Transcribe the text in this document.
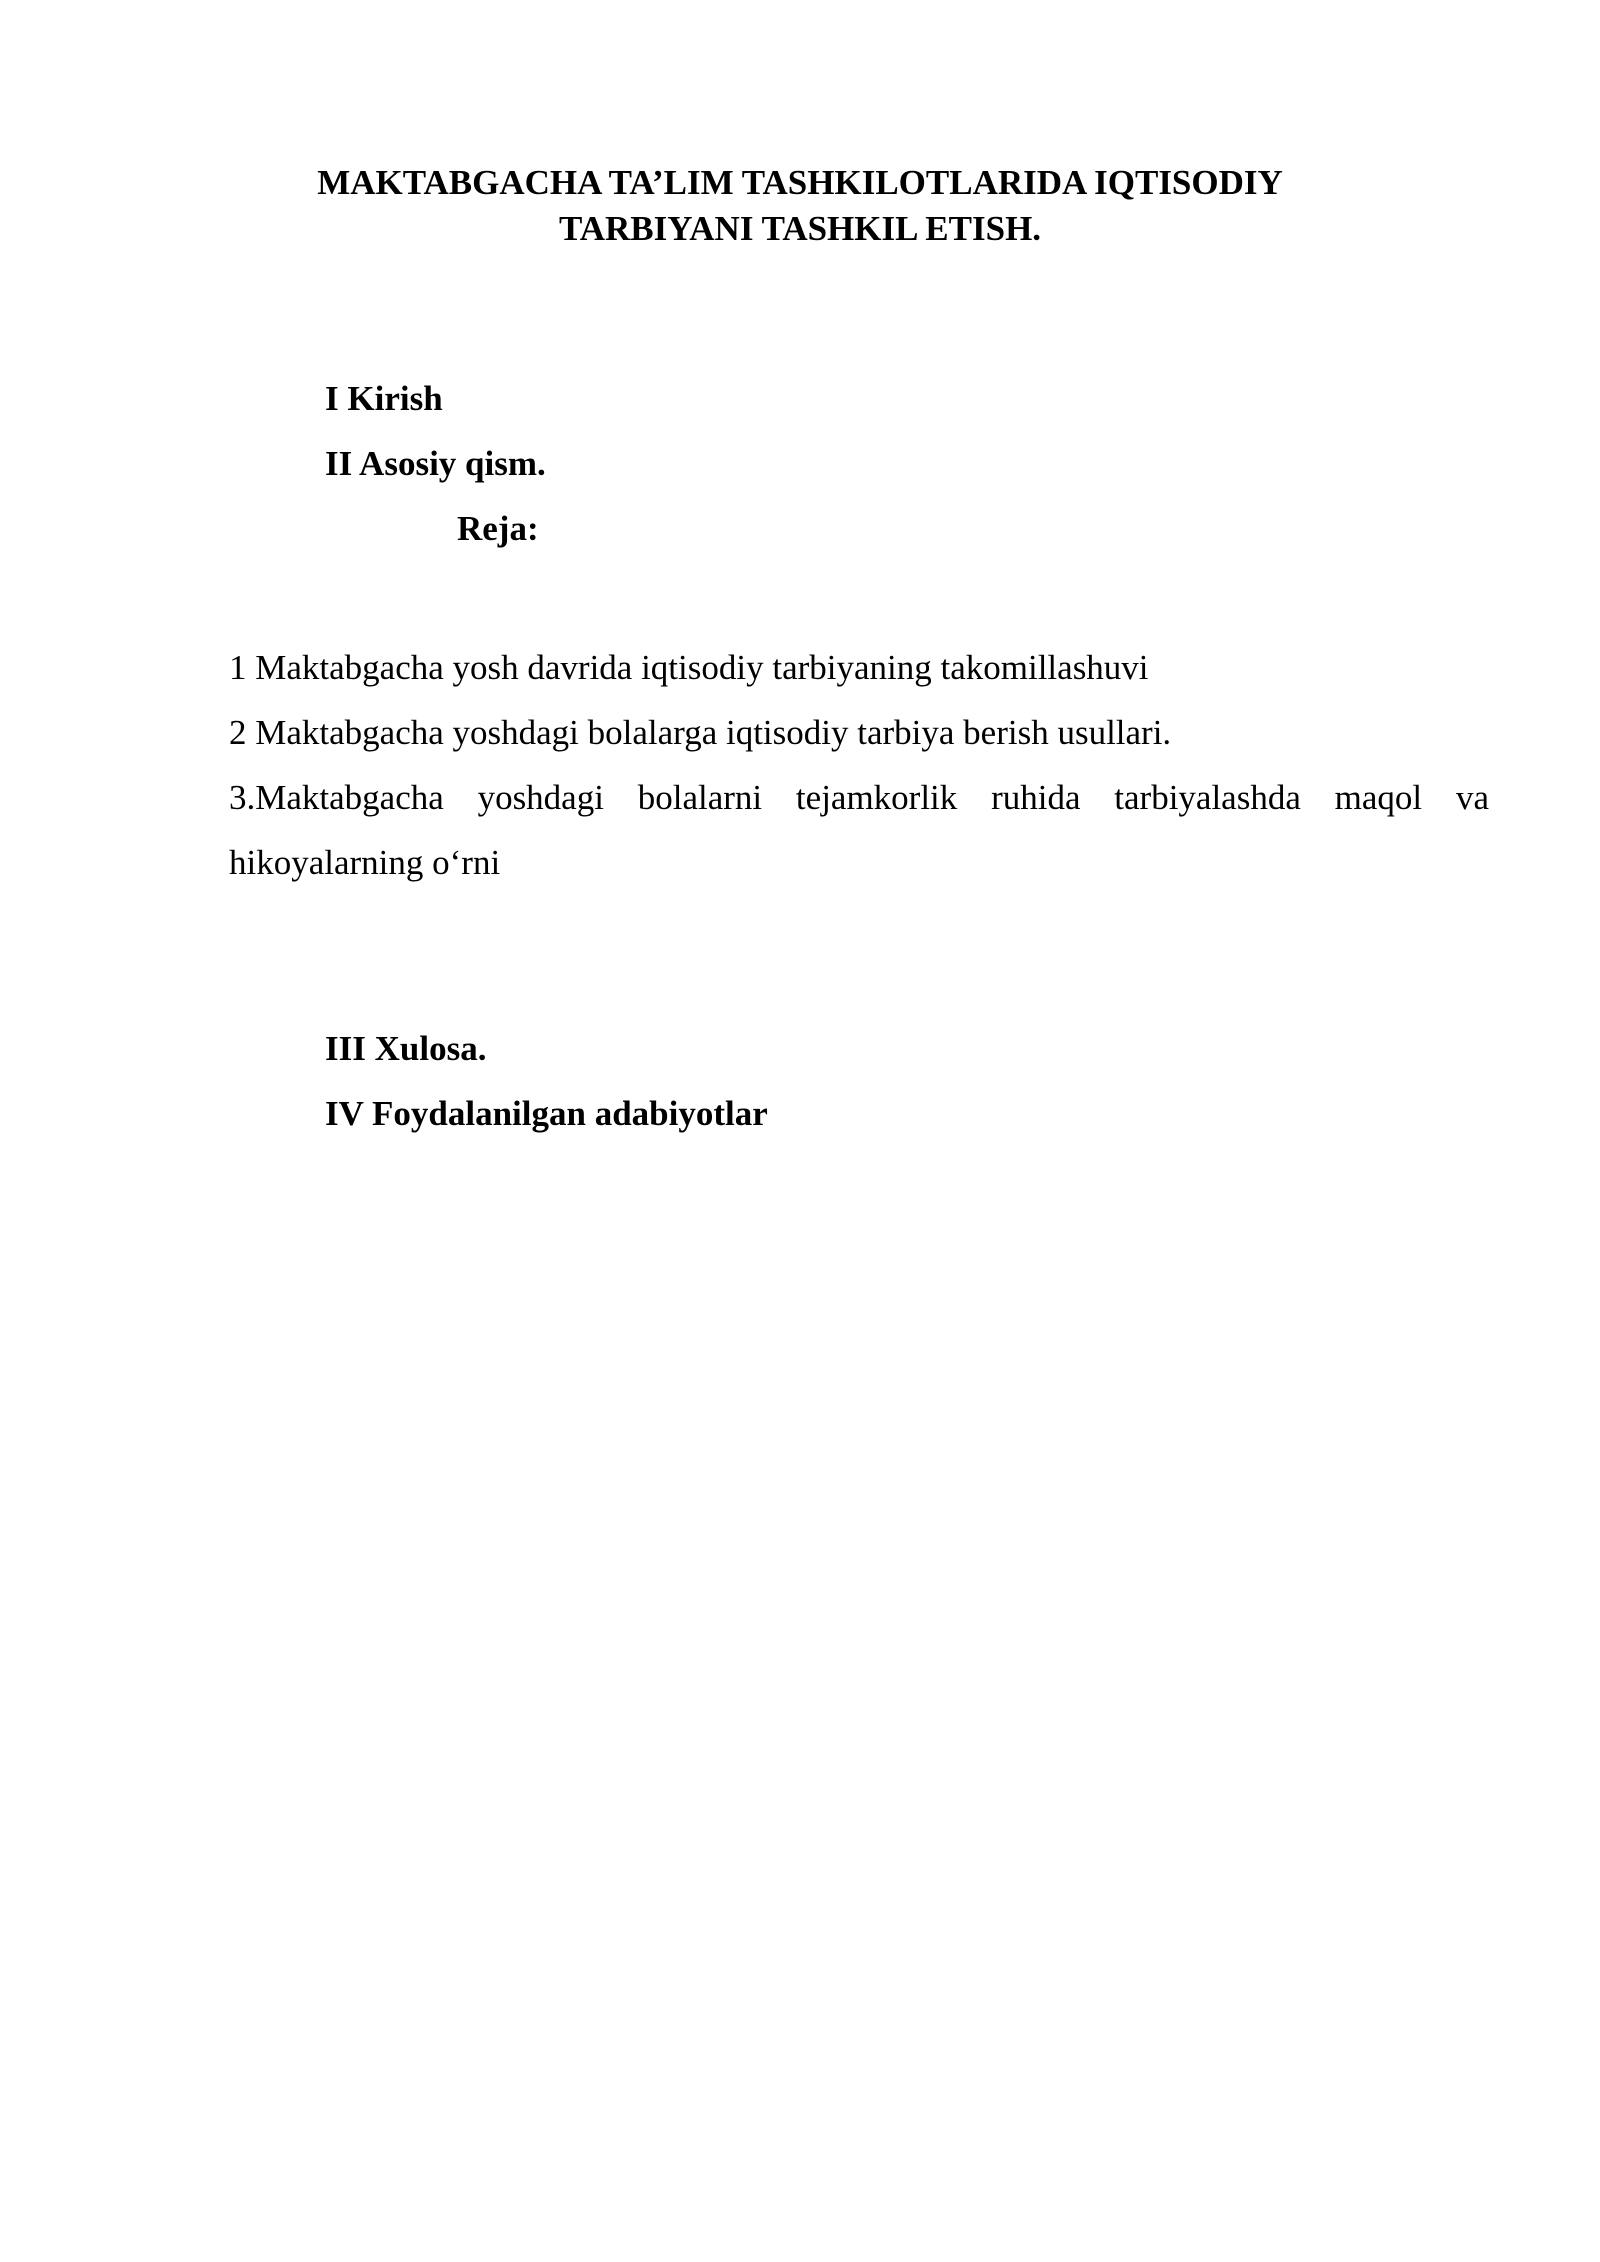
MAKTABGACHA TA’LIM TASHKILOTLARIDA IQTISODIY
TARBIYANI TASHKIL ETISH.

I Kirish

II Asosiy qism.

Reja:

1 Maktabgacha yosh davrida iqtisodiy tarbiyaning takomillashuvi
2 Maktabgacha yoshdagi bolalarga iqtisodiy tarbiya berish usullari.
3.Maktabgacha yoshdagi bolalarni tejamkorlik ruhida tarbiyalashda maqol va hikoyalarning o‘rni

III Xulosa.

IV Foydalanilgan adabiyotlar
